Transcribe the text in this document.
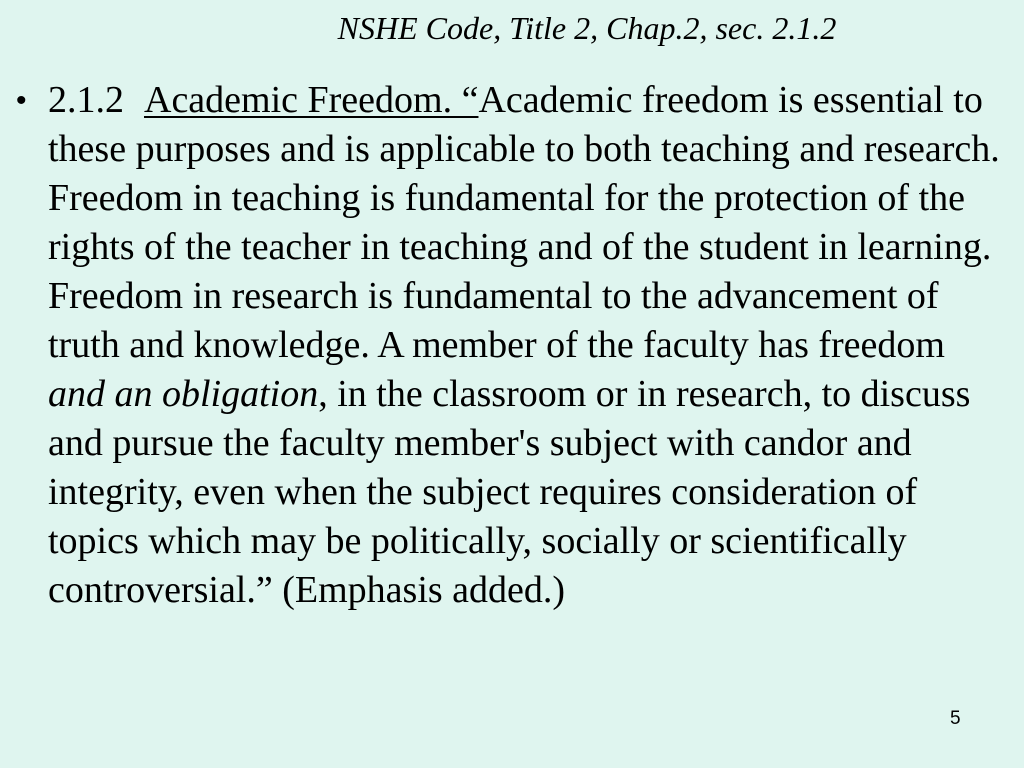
NSHE Code, Title 2, Chap.2, sec. 2.1.2
• 2.1.2 Academic Freedom. “Academic freedom is essential to these purposes and is applicable to both teaching and research. Freedom in teaching is fundamental for the protection of the rights of the teacher in teaching and of the student in learning. Freedom in research is fundamental to the advancement of truth and knowledge. A member of the faculty has freedom and an obligation, in the classroom or in research, to discuss and pursue the faculty member's subject with candor and integrity, even when the subject requires consideration of topics which may be politically, socially or scientifically controversial.” (Emphasis added.)
5
